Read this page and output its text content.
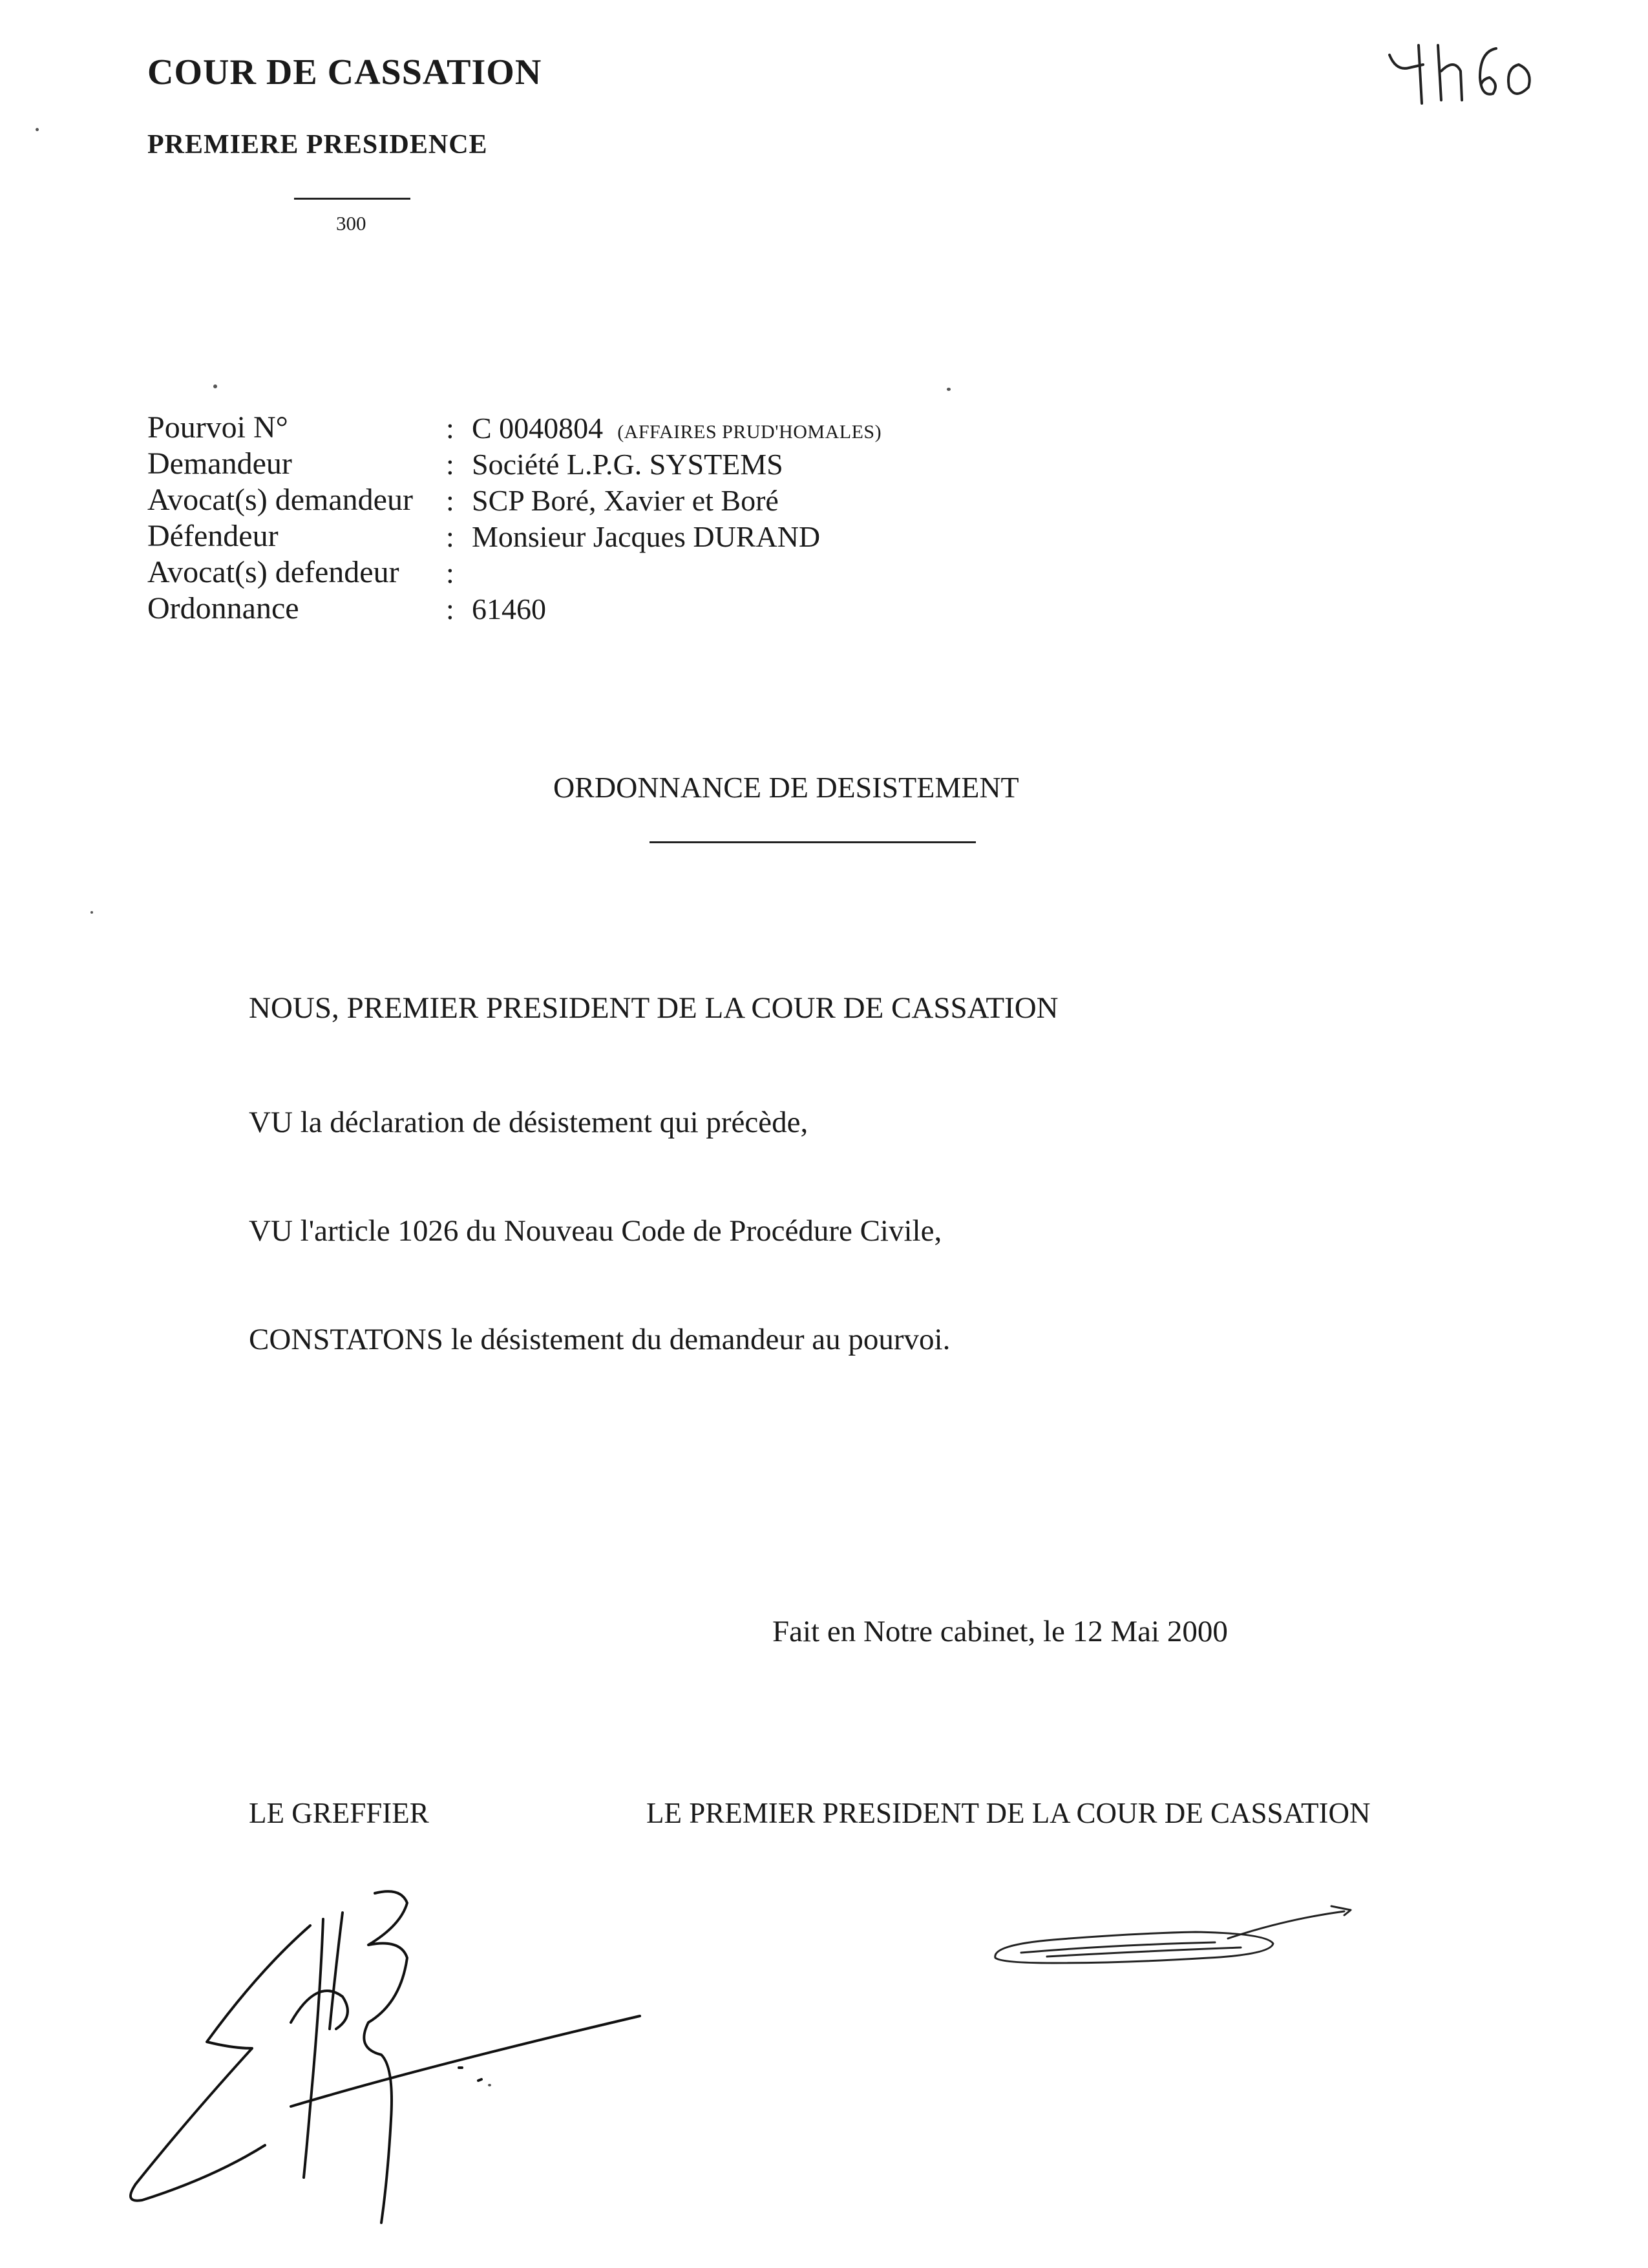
COUR DE CASSATION
PREMIERE PRESIDENCE
300
Pourvoi N°	: C 0040804 (AFFAIRES PRUD'HOMALES)
Demandeur	: Société L.P.G. SYSTEMS
Avocat(s) demandeur : SCP Boré, Xavier et Boré
Défendeur	: Monsieur Jacques DURAND
Avocat(s) defendeur :
Ordonnance	: 61460
ORDONNANCE DE DESISTEMENT
NOUS, PREMIER PRESIDENT DE LA COUR DE CASSATION
VU la déclaration de désistement qui précède,
VU l'article 1026 du Nouveau Code de Procédure Civile,
CONSTATONS le désistement du demandeur au pourvoi.
Fait en Notre cabinet, le 12 Mai 2000
LE GREFFIER	LE PREMIER PRESIDENT DE LA COUR DE CASSATION
